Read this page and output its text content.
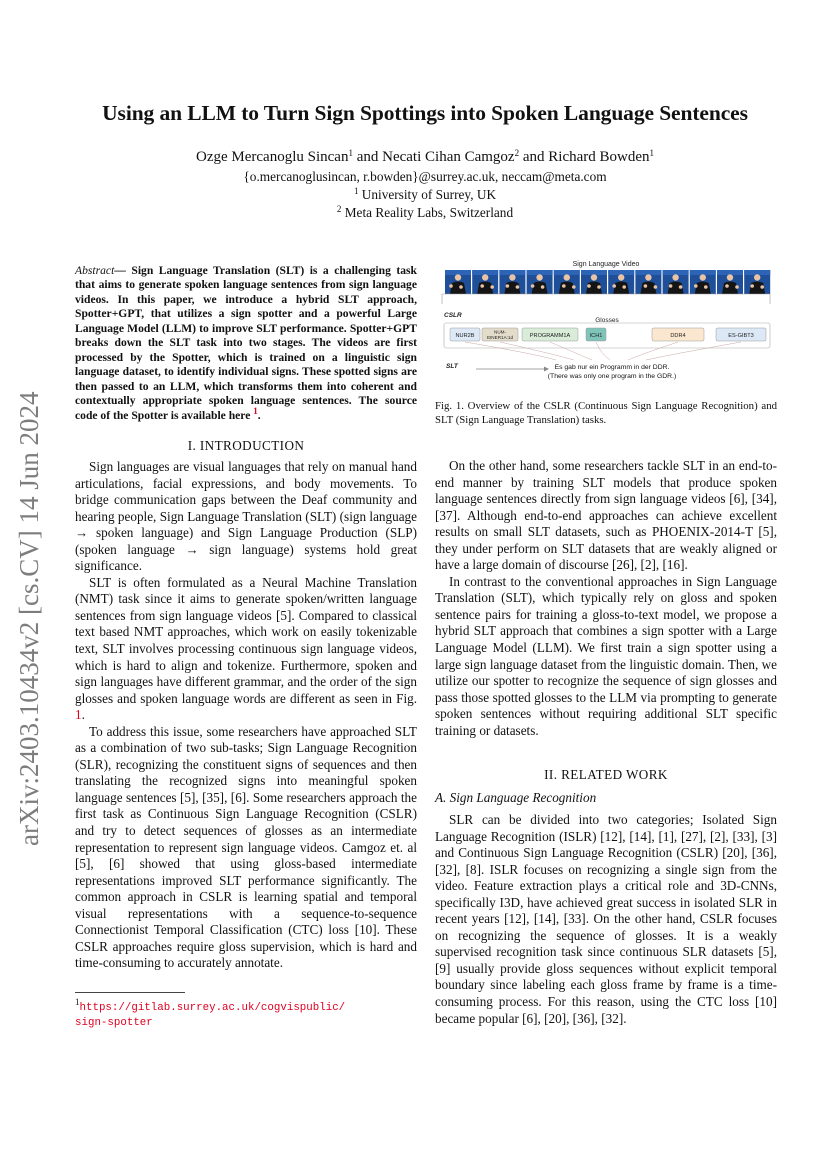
arXiv:2403.10434v2 [cs.CV] 14 Jun 2024
Using an LLM to Turn Sign Spottings into Spoken Language Sentences
Ozge Mercanoglu Sincan$^1$ and Necati Cihan Camgoz$^2$ and Richard Bowden$^1$
{o.mercanoglusincan, r.bowden}@surrey.ac.uk, neccam@meta.com
$^1$ University of Surrey, UK
$^2$ Meta Reality Labs, Switzerland
Abstract— Sign Language Translation (SLT) is a challenging task that aims to generate spoken language sentences from sign language videos. In this paper, we introduce a hybrid SLT approach, Spotter+GPT, that utilizes a sign spotter and a powerful Large Language Model (LLM) to improve SLT performance. Spotter+GPT breaks down the SLT task into two stages. The videos are first processed by the Spotter, which is trained on a linguistic sign language dataset, to identify individual signs. These spotted signs are then passed to an LLM, which transforms them into coherent and contextually appropriate spoken language sentences. The source code of the Spotter is available here $^1$.
I. INTRODUCTION

Sign languages are visual languages that rely on manual hand articulations, facial expressions, and body movements. To bridge communication gaps between the Deaf community and hearing people, Sign Language Translation (SLT) (sign language → spoken language) and Sign Language Production (SLP) (spoken language → sign language) systems hold great significance.

SLT is often formulated as a Neural Machine Translation (NMT) task since it aims to generate spoken/written language sentences from sign language videos [5]. Compared to classical text based NMT approaches, which work on easily tokenizable text, SLT involves processing continuous sign language videos, which is hard to align and tokenize. Furthermore, spoken and sign languages have different grammar, and the order of the sign glosses and spoken language words are different as seen in Fig. 1.

To address this issue, some researchers have approached SLT as a combination of two sub-tasks; Sign Language Recognition (SLR), recognizing the constituent signs of sequences and then translating the recognized signs into meaningful spoken language sentences [5], [35], [6]. Some researchers approach the first task as Continuous Sign Language Recognition (CSLR) and try to detect sequences of glosses as an intermediate representation to represent sign language videos. Camgoz et. al [5], [6] showed that using gloss-based intermediate representations improved SLT performance significantly. The common approach in CSLR is learning spatial and temporal visual representations with a sequence-to-sequence Connectionist Temporal Classification (CTC) loss [10]. These CSLR approaches require gloss supervision, which is hard and time-consuming to accurately annotate.

$^1$https://gitlab.surrey.ac.uk/cogvispublic/
sign-spotter
Sign Language Video
CSLR
Glosses
NUR2B
NUM-
EINER1A:1d	PROGRAMM1A	ICH1	DDR4	ES-GIBT3
SLT	Es gab nur ein Programm in der DDR.
(There was only one program in the GDR.)
Fig. 1. Overview of the CSLR (Continuous Sign Language Recognition) and SLT (Sign Language Translation) tasks.

On the other hand, some researchers tackle SLT in an end-to-end manner by training SLT models that produce spoken language sentences directly from sign language videos [6], [34], [37]. Although end-to-end approaches can achieve excellent results on small SLT datasets, such as PHOENIX-2014-T [5], they under perform on SLT datasets that are weakly aligned or have a large domain of discourse [26], [2], [16].

In contrast to the conventional approaches in Sign Language Translation (SLT), which typically rely on gloss and spoken sentence pairs for training a gloss-to-text model, we propose a hybrid SLT approach that combines a sign spotter with a Large Language Model (LLM). We first train a sign spotter using a large sign language dataset from the linguistic domain. Then, we utilize our spotter to recognize the sequence of sign glosses and pass those spotted glosses to the LLM via prompting to generate spoken sentences without requiring additional SLT specific training or datasets.

II. RELATED WORK
A. Sign Language Recognition

SLR can be divided into two categories; Isolated Sign Language Recognition (ISLR) [12], [14], [1], [27], [2], [33], [3] and Continuous Sign Language Recognition (CSLR) [20], [36], [32], [8]. ISLR focuses on recognizing a single sign from the video. Feature extraction plays a critical role and 3D-CNNs, specifically I3D, have achieved great success in isolated SLR in recent years [12], [14], [33]. On the other hand, CSLR focuses on recognizing the sequence of glosses. It is a weakly supervised recognition task since continuous SLR datasets [5], [9] usually provide gloss sequences without explicit temporal boundary since labeling each gloss frame by frame is a time-consuming process. For this reason, using the CTC loss [10] became popular [6], [20], [36], [32].
